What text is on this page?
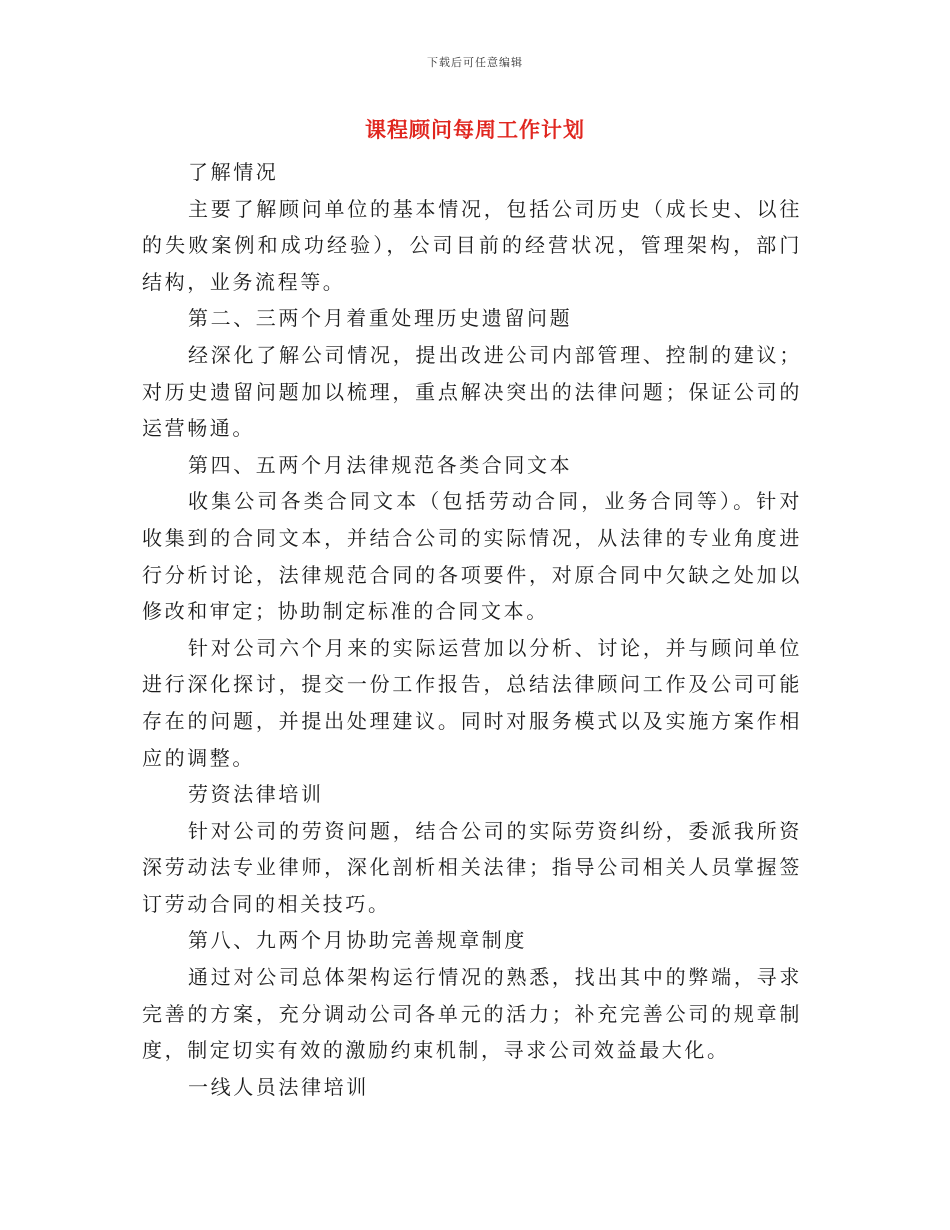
下载后可任意编辑
课程顾问每周工作计划

了解情况

主要了解顾问单位的基本情况，包括公司历史（成长史、以往的失败案例和成功经验），公司目前的经营状况，管理架构，部门结构，业务流程等。

第二、三两个月着重处理历史遗留问题

经深化了解公司情况，提出改进公司内部管理、控制的建议；对历史遗留问题加以梳理，重点解决突出的法律问题；保证公司的运营畅通。

第四、五两个月法律规范各类合同文本

收集公司各类合同文本（包括劳动合同，业务合同等）。针对收集到的合同文本，并结合公司的实际情况，从法律的专业角度进行分析讨论，法律规范合同的各项要件，对原合同中欠缺之处加以修改和审定；协助制定标准的合同文本。

针对公司六个月来的实际运营加以分析、讨论，并与顾问单位进行深化探讨，提交一份工作报告，总结法律顾问工作及公司可能存在的问题，并提出处理建议。同时对服务模式以及实施方案作相应的调整。

劳资法律培训

针对公司的劳资问题，结合公司的实际劳资纠纷，委派我所资深劳动法专业律师，深化剖析相关法律；指导公司相关人员掌握签订劳动合同的相关技巧。

第八、九两个月协助完善规章制度

通过对公司总体架构运行情况的熟悉，找出其中的弊端，寻求完善的方案，充分调动公司各单元的活力；补充完善公司的规章制度，制定切实有效的激励约束机制，寻求公司效益最大化。

一线人员法律培训
